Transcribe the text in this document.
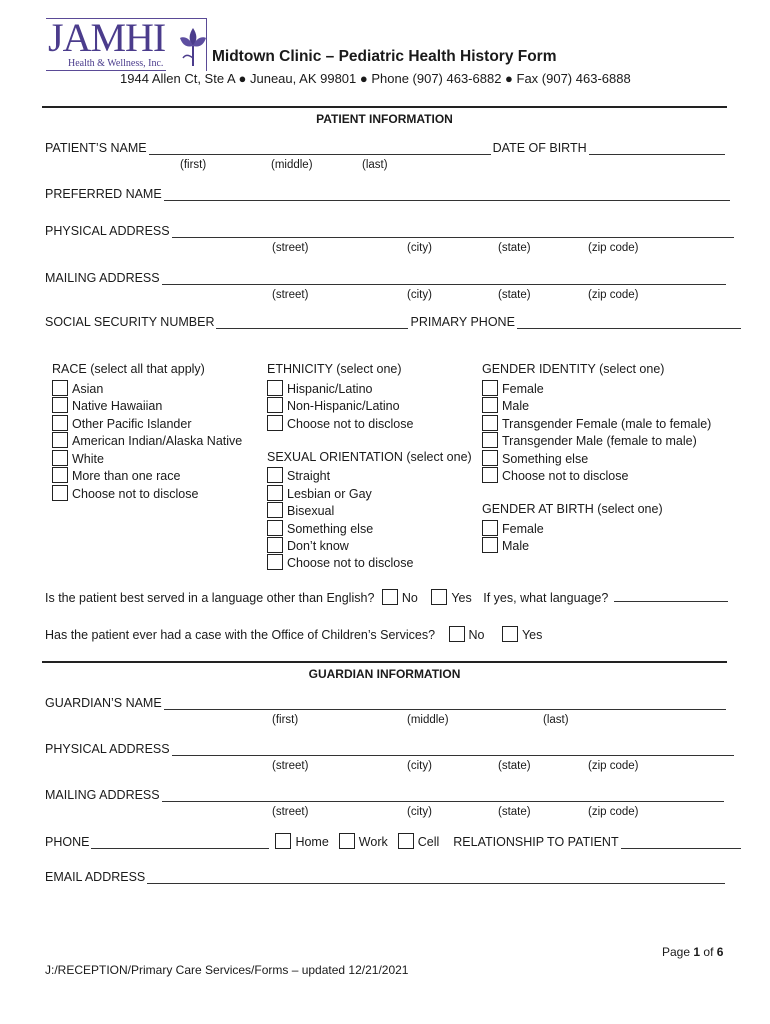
JAMHI
Health & Wellness, Inc.	Midtown Clinic – Pediatric Health History Form
1944 Allen Ct, Ste A ● Juneau, AK 99801 ● Phone (907) 463-6882 ● Fax (907) 463-6888
PATIENT INFORMATION
PATIENT’S NAME	DATE OF BIRTH
(first)	(middle)	(last)
PREFERRED NAME
PHYSICAL ADDRESS
(street)	(city)	(state)	(zip code)
MAILING ADDRESS
(street)	(city)	(state)	(zip code)
SOCIAL SECURITY NUMBER	PRIMARY PHONE
RACE (select all that apply)
Asian
Native Hawaiian
Other Pacific Islander
American Indian/Alaska Native
White
More than one race
Choose not to disclose
ETHNICITY (select one)
Hispanic/Latino
Non-Hispanic/Latino
Choose not to disclose
SEXUAL ORIENTATION (select one)
Straight
Lesbian or Gay
Bisexual
Something else
Don’t know
Choose not to disclose
GENDER IDENTITY (select one)
Female
Male
Transgender Female (male to female)
Transgender Male (female to male)
Something else
Choose not to disclose
GENDER AT BIRTH (select one)
Female
Male
Is the patient best served in a language other than English? No	Yes If yes, what language?
Has the patient ever had a case with the Office of Children’s Services?	No	Yes
GUARDIAN INFORMATION
GUARDIAN’S NAME
(first)	(middle)	(last)
PHYSICAL ADDRESS
(street)	(city)	(state)	(zip code)
MAILING ADDRESS
(street)	(city)	(state)	(zip code)
PHONE	Home Work Cell RELATIONSHIP TO PATIENT
EMAIL ADDRESS
Page 1 of 6
J:/RECEPTION/Primary Care Services/Forms – updated 12/21/2021
